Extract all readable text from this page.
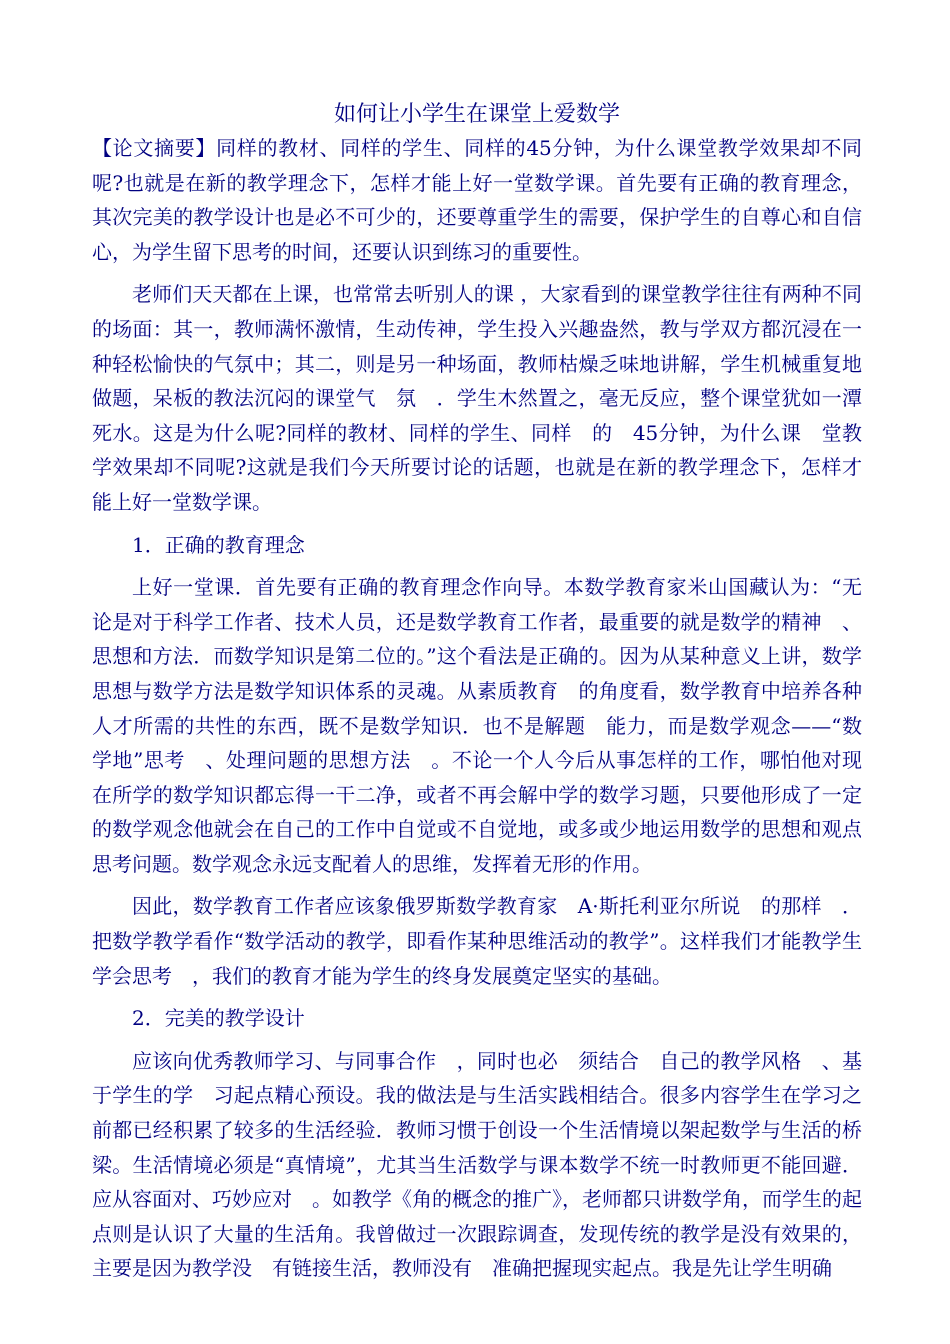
如何让小学生在课堂上爱数学

【论文摘要】同样的教材、同样的学生、同样的45分钟，为什么课堂教学效果却不同呢?也就是在新的教学理念下，怎样才能上好一堂数学课。首先要有正确的教育理念，其次完美的教学设计也是必不可少的，还要尊重学生的需要，保护学生的自尊心和自信心，为学生留下思考的时间，还要认识到练习的重要性。

老师们天天都在上课，也常常去听别人的课 ，大家看到的课堂教学往往有两种不同的场面：其一，教师满怀激情，生动传神，学生投入兴趣盎然，教与学双方都沉浸在一种轻松愉快的气氛中；其二，则是另一种场面，教师枯燥乏味地讲解，学生机械重复地做题，呆板的教法沉闷的课堂气　氛　．学生木然置之，毫无反应，整个课堂犹如一潭死水。这是为什么呢?同样的教材、同样的学生、同样　的　45分钟，为什么课　堂教学效果却不同呢?这就是我们今天所要讨论的话题，也就是在新的教学理念下，怎样才能上好一堂数学课。

1．正确的教育理念

上好一堂课．首先要有正确的教育理念作向导。本数学教育家米山国藏认为：“无论是对于科学工作者、技术人员，还是数学教育工作者，最重要的就是数学的精神　、思想和方法．而数学知识是第二位的。”这个看法是正确的。因为从某种意义上讲，数学思想与数学方法是数学知识体系的灵魂。从素质教育　的角度看，数学教育中培养各种人才所需的共性的东西，既不是数学知识．也不是解题　能力，而是数学观念——“数学地”思考　、处理问题的思想方法　。不论一个人今后从事怎样的工作，哪怕他对现在所学的数学知识都忘得一干二净，或者不再会解中学的数学习题，只要他形成了一定的数学观念他就会在自己的工作中自觉或不自觉地，或多或少地运用数学的思想和观点思考问题。数学观念永远支配着人的思维，发挥着无形的作用。

因此，数学教育工作者应该象俄罗斯数学教育家　A·斯托利亚尔所说　的那样　．把数学教学看作“数学活动的教学，即看作某种思维活动的教学”。这样我们才能教学生学会思考　，我们的教育才能为学生的终身发展奠定坚实的基础。

2．完美的教学设计

应该向优秀教师学习、与同事合作　，同时也必　须结合　自己的教学风格　、基于学生的学　习起点精心预设。我的做法是与生活实践相结合。很多内容学生在学习之前都已经积累了较多的生活经验．教师习惯于创设一个生活情境以架起数学与生活的桥梁。生活情境必须是“真情境”，尤其当生活数学与课本数学不统一时教师更不能回避．应从容面对、巧妙应对　。如教学《角的概念的推广》，老师都只讲数学角，而学生的起点则是认识了大量的生活角。我曾做过一次跟踪调查，发现传统的教学是没有效果的，主要是因为教学没　有链接生活，教师没有　准确把握现实起点。我是先让学生明确
